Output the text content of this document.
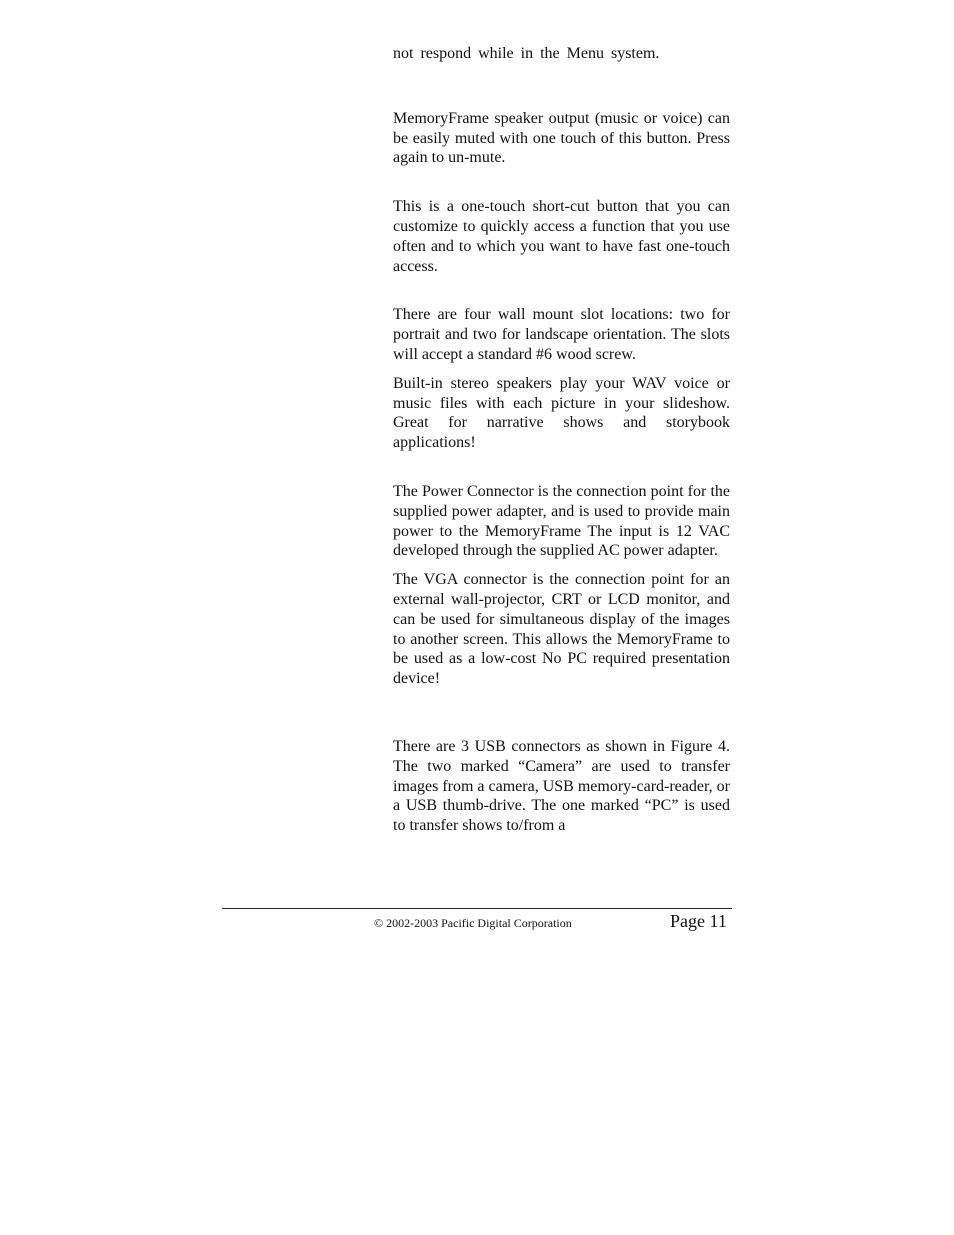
not respond while in the Menu system.

MemoryFrame speaker output (music or voice) can be easily muted with one touch of this button. Press again to un-mute.

This is a one-touch short-cut button that you can customize to quickly access a function that you use often and to which you want to have fast one-touch access.

There are four wall mount slot locations: two for portrait and two for landscape orientation. The slots will accept a standard #6 wood screw.

Built-in stereo speakers play your WAV voice or music files with each picture in your slideshow. Great for narrative shows and storybook applications!

The Power Connector is the connection point for the supplied power adapter, and is used to provide main power to the MemoryFrame The input is 12 VAC developed through the supplied AC power adapter.

The VGA connector is the connection point for an external wall-projector, CRT or LCD monitor, and can be used for simultaneous display of the images to another screen. This allows the MemoryFrame to be used as a low-cost No PC required presentation device!

There are 3 USB connectors as shown in Figure 4. The two marked “Camera” are used to transfer images from a camera, USB memory-card-reader, or a USB thumb-drive. The one marked “PC” is used to transfer shows to/from a

© 2002-2003 Pacific Digital Corporation	Page 11
